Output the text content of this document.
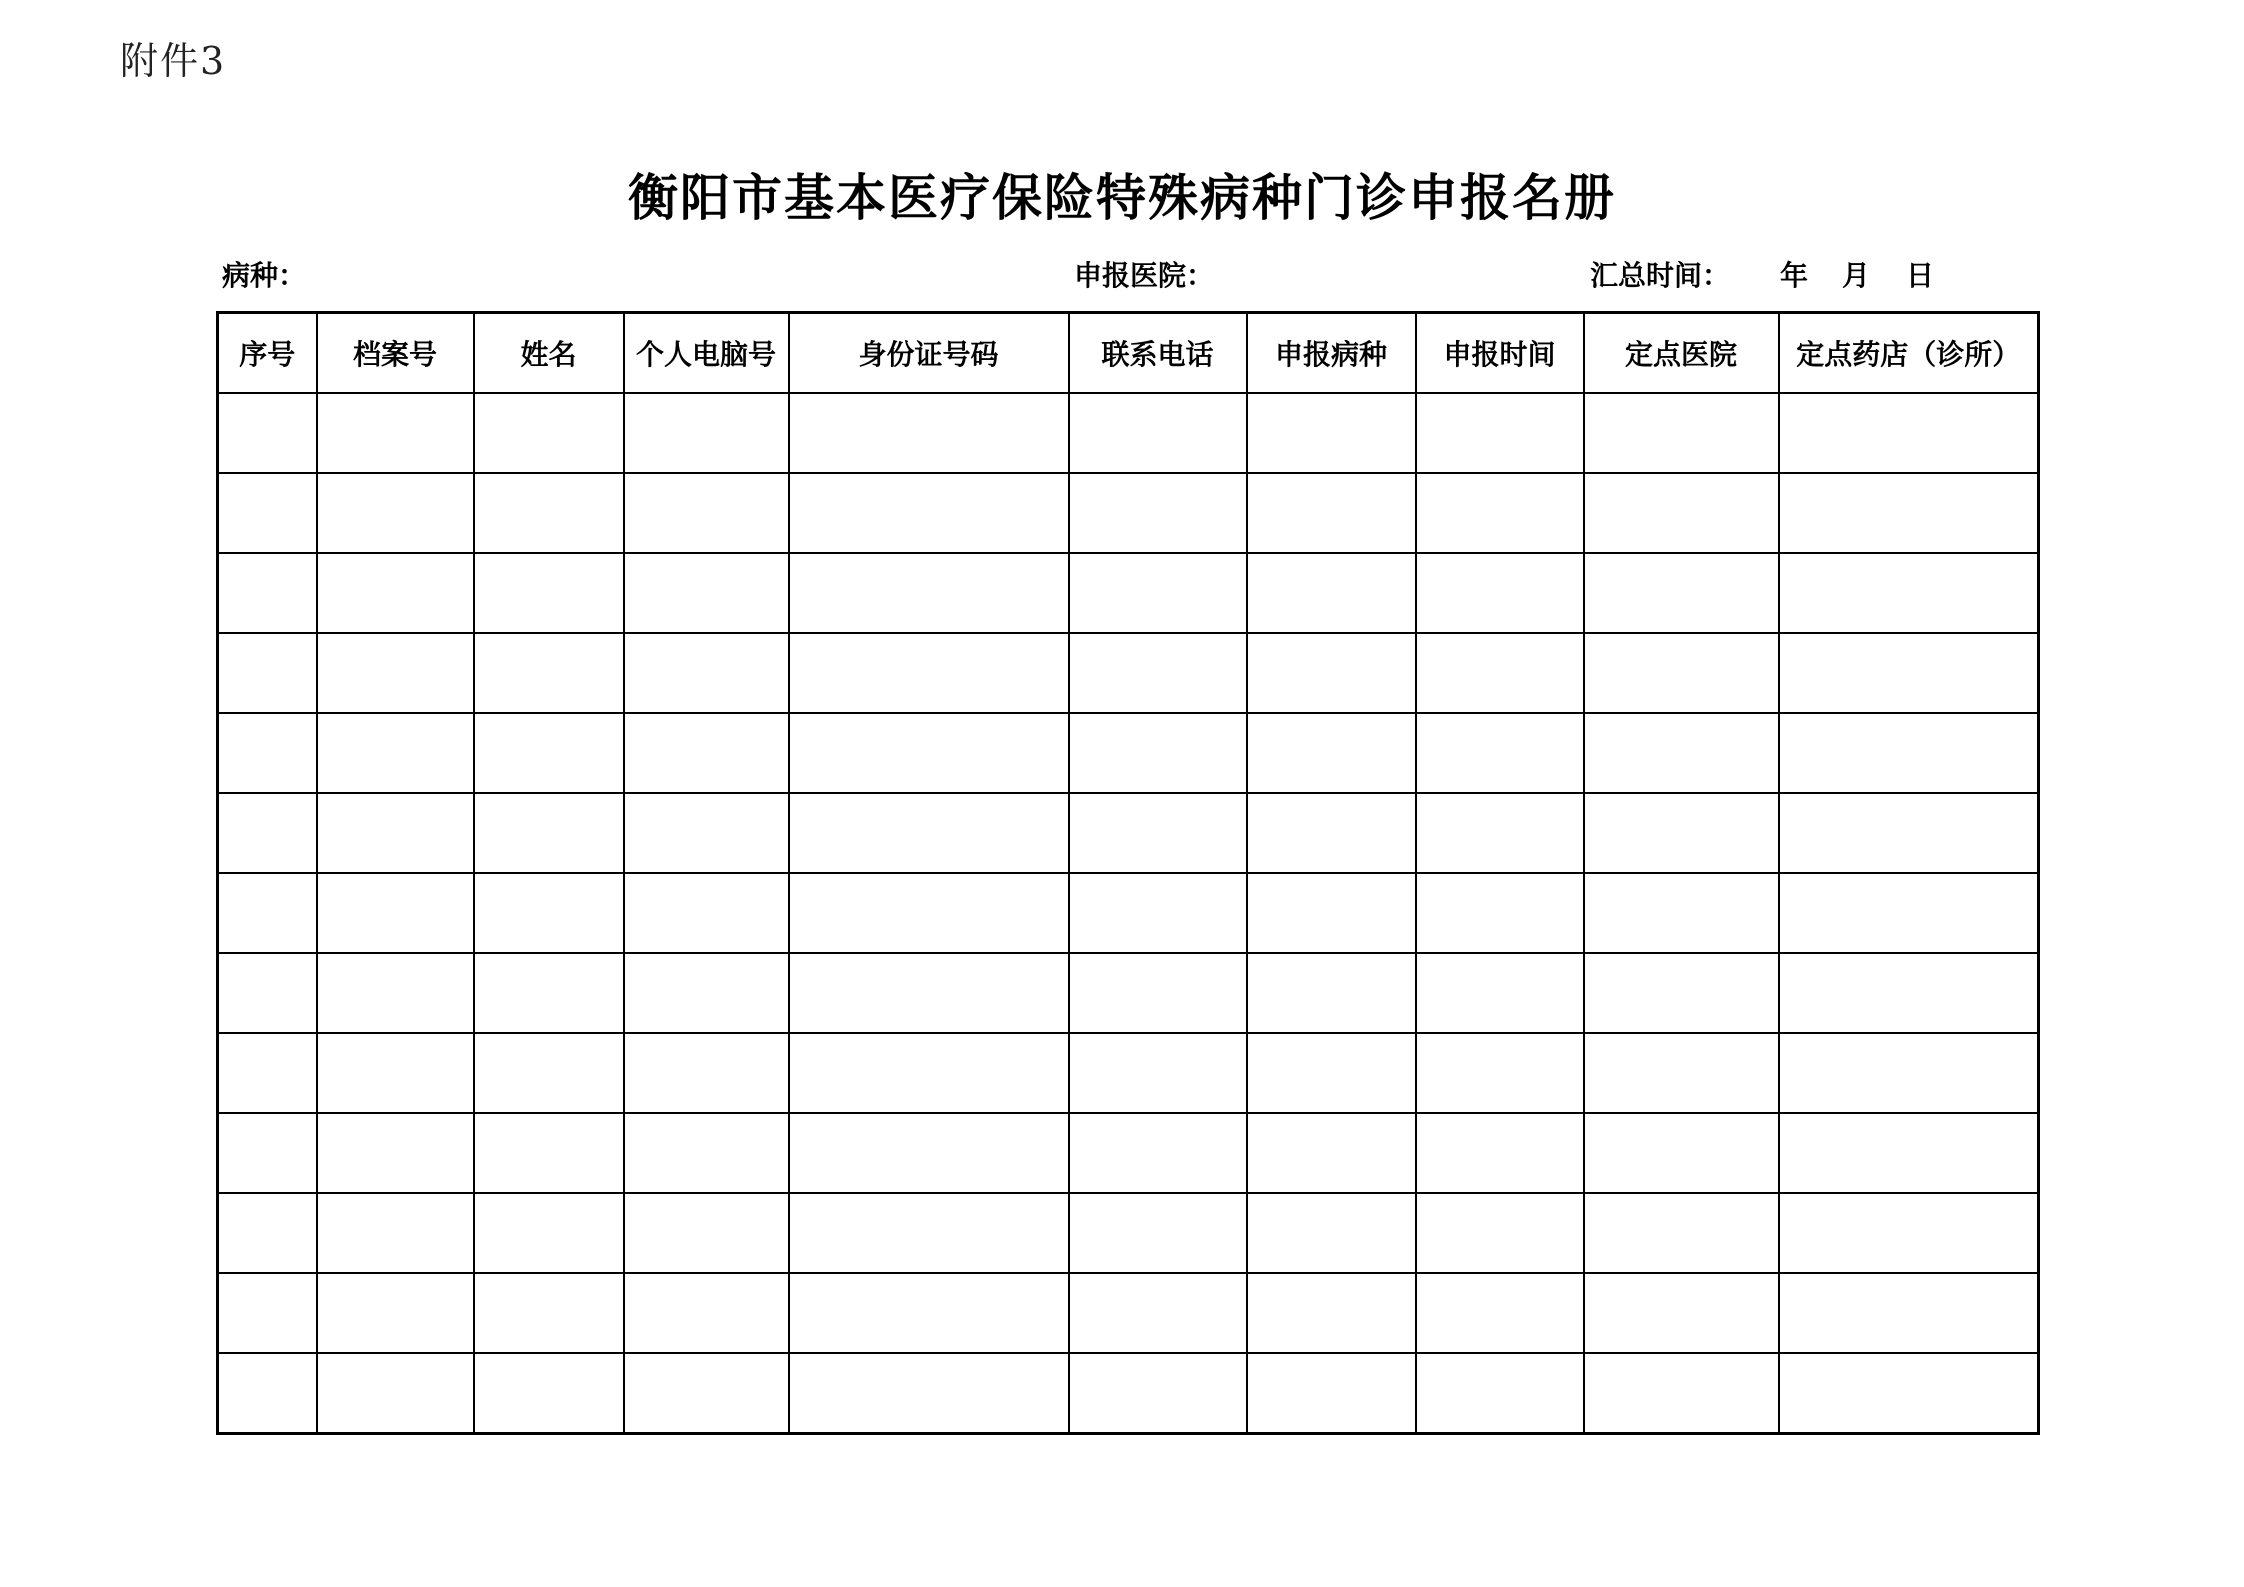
附件3
衡阳市基本医疗保险特殊病种门诊申报名册
病种：	申报医院：	汇总时间： 年 月 日
序号	档案号	姓名	个人电脑号	身份证号码	联系电话	申报病种	申报时间	定点医院	定点药店（诊所）
